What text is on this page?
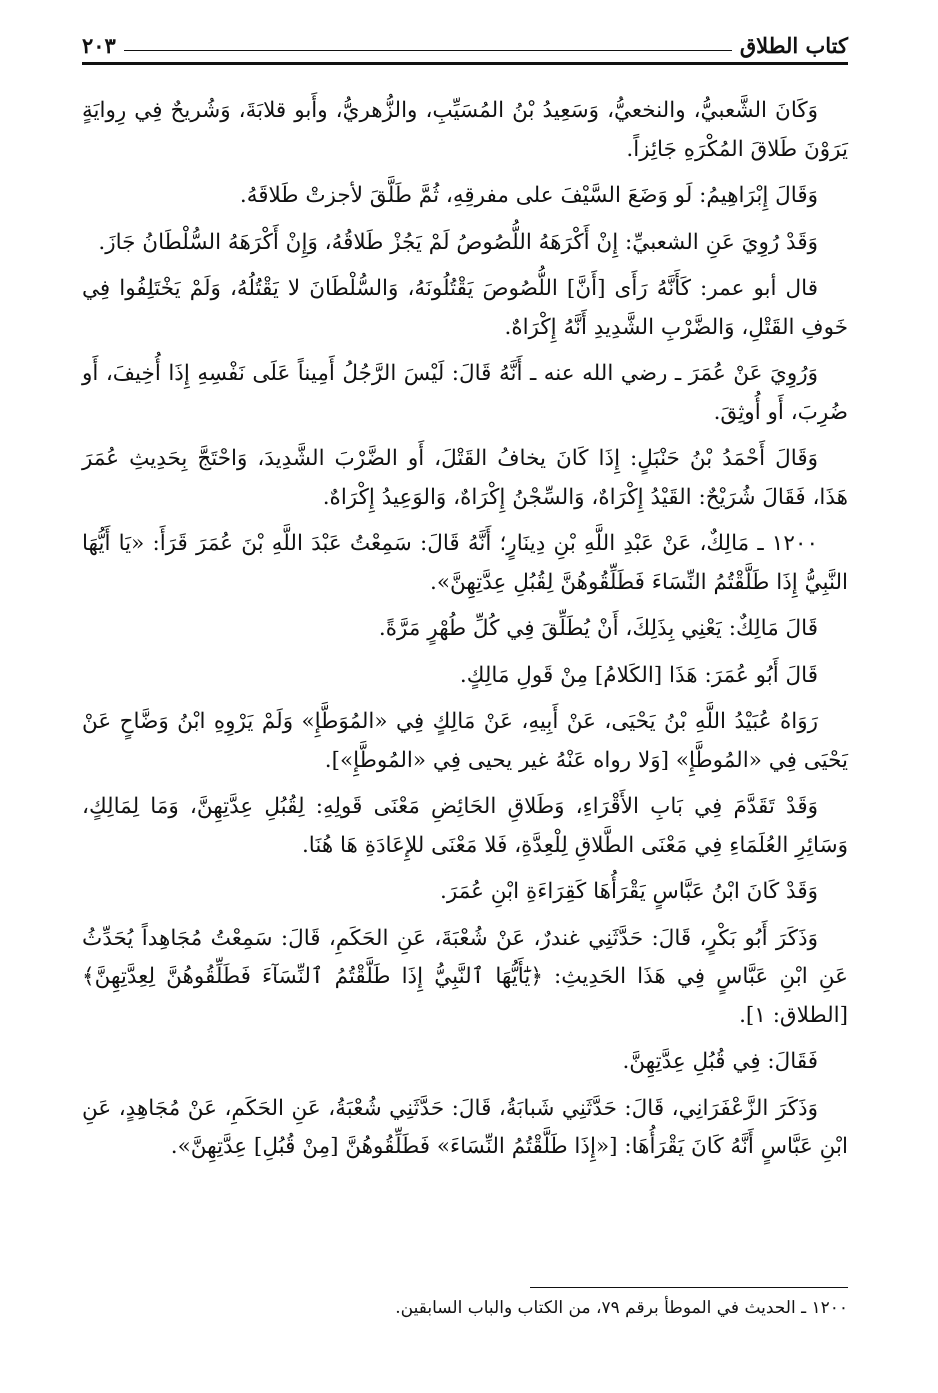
كتاب الطلاق
٢٠٣

وَكَانَ الشَّعبيُّ، والنخعيُّ، وَسَعِيدُ بْنُ المُسَيِّبِ، والزُّهريُّ، وأَبو قلابَةَ، وَشُريحٌ فِي رِوايَةٍ يَرَوْنَ طَلاقَ المُكْرَهِ جَائِزاً.

وَقَالَ إِبْرَاهِيمُ: لَو وَضَعَ السَّيْفَ على مفرقِهِ، ثُمَّ طَلَّقَ لأجزتْ طَلاقَهُ.

وَقَدْ رُوِيَ عَنِ الشعبيِّ: إِنْ أَكْرَهَهُ اللُّصُوصُ لَمْ يَجُزْ طَلاقُهُ، وَإِنْ أَكْرَهَهُ السُّلْطَانُ جَازَ.

قال أبو عمر: كَأَنَّهُ رَأَى [أَنَّ] اللُّصُوصَ يَقْتُلُونَهُ، وَالسُّلْطَانَ لا يَقْتُلُهُ، وَلَمْ يَخْتَلِفُوا فِي خَوفِ القَتْلِ، وَالضَّرْبِ الشَّدِيدِ أَنَّهُ إِكْرَاهٌ.

وَرُوِيَ عَنْ عُمَرَ ـ رضي الله عنه ـ أَنَّهُ قَالَ: لَيْسَ الرَّجُلُ أَمِيناً عَلَى نَفْسِهِ إِذَا أُخِيفَ، أَو ضُرِبَ، أَو أُوثِقَ.

وَقَالَ أَحْمَدُ بْنُ حَنْبَلٍ: إِذَا كَانَ يخافُ القَتْلَ، أَو الضَّرْبَ الشَّدِيدَ، وَاحْتَجَّ بِحَدِيثِ عُمَرَ هَذَا، فَقَالَ شُرَيْحٌ: القَيْدُ إِكْرَاهٌ، وَالسِّجْنُ إِكْرَاهٌ، وَالوَعِيدُ إِكْرَاهٌ.

١٢٠٠ ـ مَالِكٌ، عَنْ عَبْدِ اللَّهِ بْنِ دِينَارٍ؛ أَنَّهُ قَالَ: سَمِعْتُ عَبْدَ اللَّهِ بْنَ عُمَرَ قَرَأَ: «يَا أَيُّهَا النَّبِيُّ إِذَا طَلَّقْتُمُ النِّسَاءَ فَطَلِّقُوهُنَّ لِقُبُلِ عِدَّتِهِنَّ».

قَالَ مَالِكٌ: يَعْنِي بِذَلِكَ، أَنْ يُطَلِّقَ فِي كُلِّ طُهْرٍ مَرَّةً.

قَالَ أَبُو عُمَرَ: هَذَا [الكَلامُ] مِنْ قَولِ مَالِكٍ.

رَوَاهُ عُبَيْدُ اللَّهِ بْنُ يَحْيَى، عَنْ أَبِيهِ، عَنْ مَالِكٍ فِي «المُوَطَّإِ» وَلَمْ يَرْوِهِ ابْنُ وَضَّاحٍ عَنْ يَحْيَى فِي «المُوطَّإِ» [وَلا رواه عَنْهُ غير يحيى فِي «المُوطَّإِ»].

وَقَدْ تَقَدَّمَ فِي بَابِ الأَقْرَاءِ، وَطَلاقِ الحَائِضِ مَعْنَى قَولِهِ: لِقُبُلِ عِدَّتِهِنَّ، وَمَا لِمَالِكٍ، وَسَائِرِ العُلَمَاءِ فِي مَعْنَى الطَّلاقِ لِلْعِدَّةِ، فَلا مَعْنَى للإِعَادَةِ هَا هُنَا.

وَقَدْ كَانَ ابْنُ عَبَّاسٍ يَقْرَأُهَا كَقِرَاءَةِ ابْنِ عُمَرَ.

وَذَكَرَ أَبُو بَكْرٍ، قَالَ: حَدَّثَنِي غندرٌ، عَنْ شُعْبَةَ، عَنِ الحَكَمِ، قَالَ: سَمِعْتُ مُجَاهِداً يُحَدِّثُ عَنِ ابْنِ عَبَّاسٍ فِي هَذَا الحَدِيثِ: ﴿يَٰٓأَيُّهَا ٱلنَّبِيُّ إِذَا طَلَّقْتُمُ ٱلنِّسَآءَ فَطَلِّقُوهُنَّ لِعِدَّتِهِنَّ﴾ [الطلاق: ١].

فَقَالَ: فِي قُبُلِ عِدَّتِهِنَّ.

وَذَكَرَ الزَّعْفَرَانِي، قَالَ: حَدَّثَنِي شَبابَةُ، قَالَ: حَدَّثَنِي شُعْبَةُ، عَنِ الحَكَمِ، عَنْ مُجَاهِدٍ، عَنِ ابْنِ عَبَّاسٍ أَنَّهُ كَانَ يَقْرَأُهَا: [«إِذَا طَلَّقْتُمُ النِّسَاءَ» فَطَلِّقُوهُنَّ [مِنْ قُبُلِ] عِدَّتِهِنَّ».

١٢٠٠ ـ الحديث في الموطأ برقم ٧٩، من الكتاب والباب السابقين.
